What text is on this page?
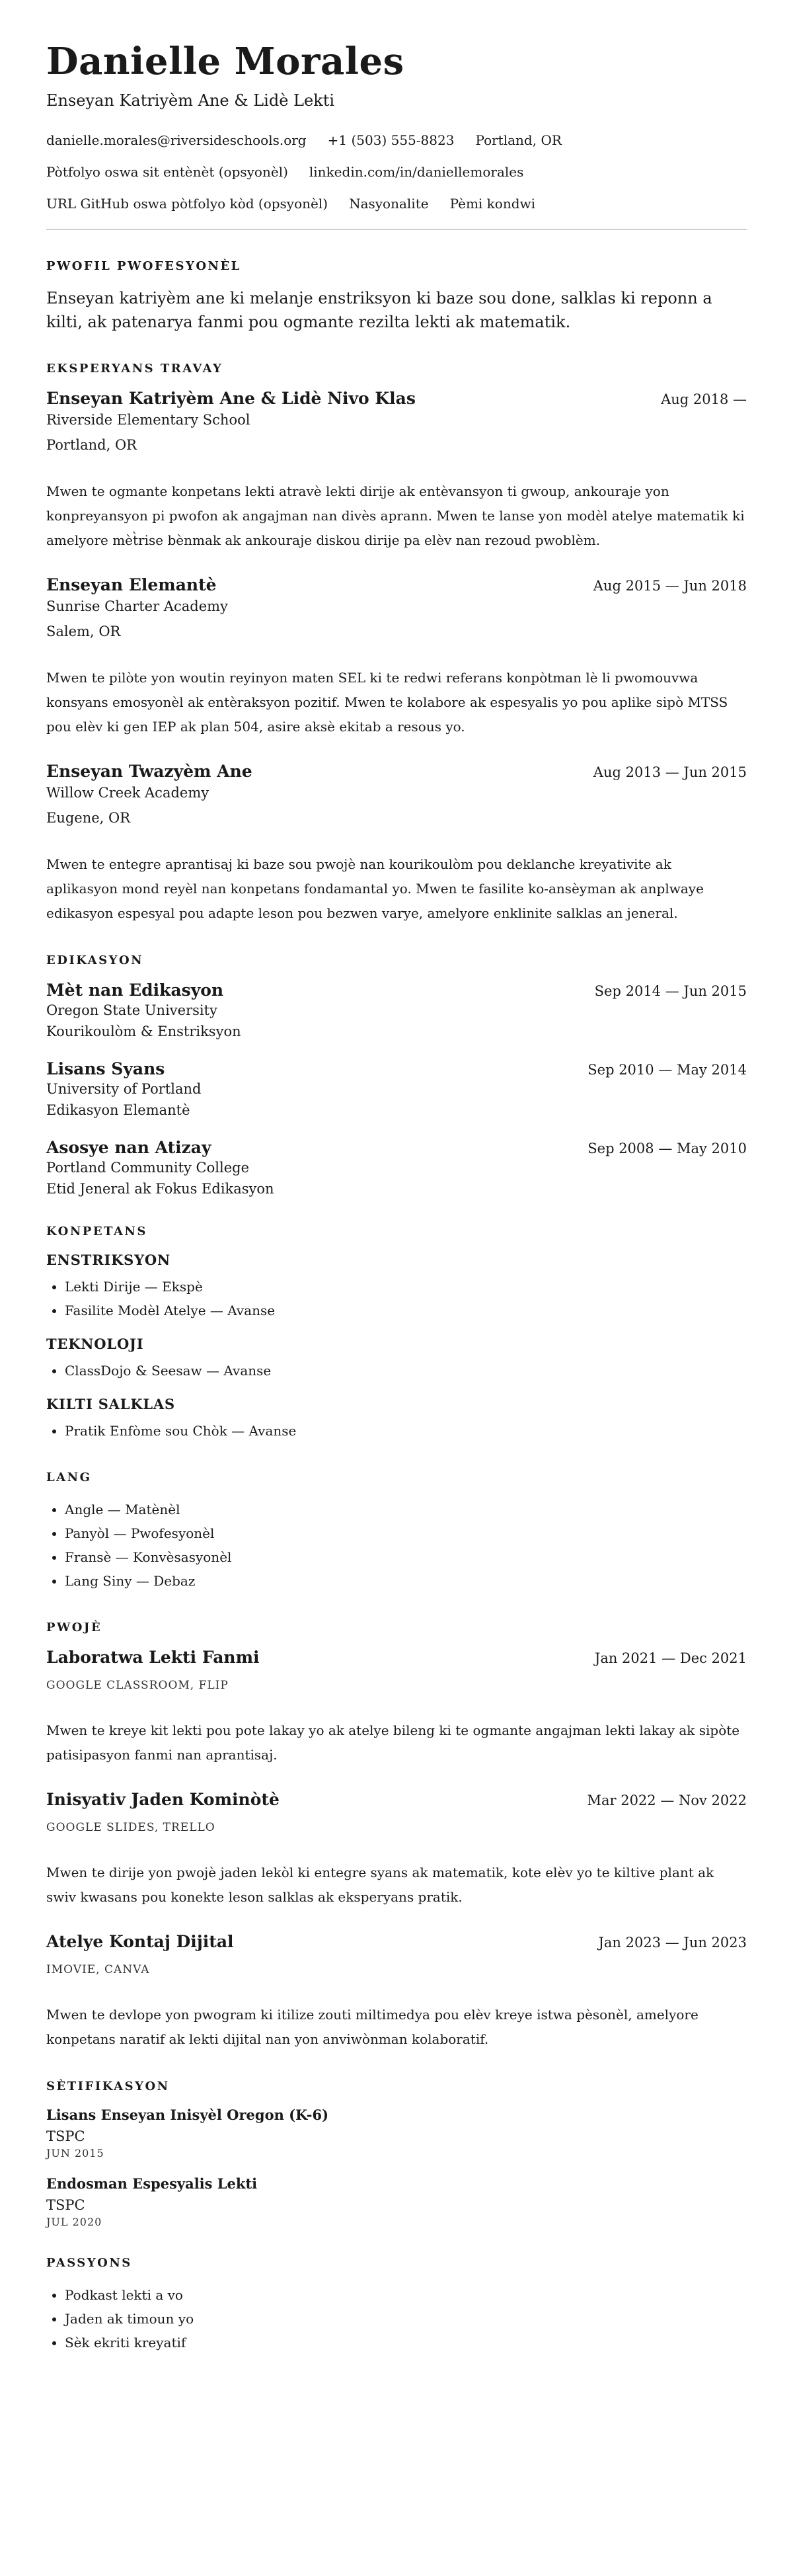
Danielle Morales
Enseyan Katriyèm Ane & Lidè Lekti
danielle.morales@riversideschools.org +1 (503) 555-8823 Portland, OR
Pòtfolyo oswa sit entènèt (opsyonèl) linkedin.com/in/daniellemorales
URL GitHub oswa pòtfolyo kòd (opsyonèl) Nasyonalite Pèmi kondwi
PWOFIL PWOFESYONÈL

Enseyan katriyèm ane ki melanje enstriksyon ki baze sou done, salklas ki reponn a kilti, ak patenarya fanmi pou ogmante rezilta lekti ak matematik.

EKSPERYANS TRAVAY
Enseyan Katriyèm Ane & Lidè Nivo Klas	Aug 2018 —
Riverside Elementary School
Portland, OR
Mwen te ogmante konpetans lekti atravè lekti dirije ak entèvansyon ti gwoup, ankouraje yon konpreyansyon pi pwofon ak angajman nan divès aprann. Mwen te lanse yon modèl atelye matematik ki amelyore mèt̀rise bènmak ak ankouraje diskou dirije pa elèv nan rezoud pwoblèm.
Enseyan Elemantè	Aug 2015 — Jun 2018
Sunrise Charter Academy
Salem, OR
Mwen te pilòte yon woutin reyinyon maten SEL ki te redwi referans konpòtman lè li pwomouvwa konsyans emosyonèl ak entèraksyon pozitif. Mwen te kolabore ak espesyalis yo pou aplike sipò MTSS pou elèv ki gen IEP ak plan 504, asire aksè ekitab a resous yo.
Enseyan Twazyèm Ane	Aug 2013 — Jun 2015
Willow Creek Academy
Eugene, OR
Mwen te entegre aprantisaj ki baze sou pwojè nan kourikoulòm pou deklanche kreyativite ak aplikasyon mond reyèl nan konpetans fondamantal yo. Mwen te fasilite ko-ansèyman ak anplwaye edikasyon espesyal pou adapte leson pou bezwen varye, amelyore enklinite salklas an jeneral.
EDIKASYON
Mèt nan Edikasyon	Sep 2014 — Jun 2015
Oregon State University
Kourikoulòm & Enstriksyon
Lisans Syans	Sep 2010 — May 2014
University of Portland
Edikasyon Elemantè
Asosye nan Atizay	Sep 2008 — May 2010
Portland Community College
Etid Jeneral ak Fokus Edikasyon
KONPETANS
ENSTRIKSYON
• Lekti Dirije — Ekspè
• Fasilite Modèl Atelye — Avanse
TEKNOLOJI
• ClassDojo & Seesaw — Avanse
KILTI SALKLAS
• Pratik Enfòme sou Chòk — Avanse
LANG
• Angle — Matènèl
• Panyòl — Pwofesyonèl
• Fransè — Konvèsasyonèl
• Lang Siny — Debaz
PWOJÈ
Laboratwa Lekti Fanmi	Jan 2021 — Dec 2021
GOOGLE CLASSROOM, FLIP
Mwen te kreye kit lekti pou pote lakay yo ak atelye bileng ki te ogmante angajman lekti lakay ak sipòte patisipasyon fanmi nan aprantisaj.
Inisyativ Jaden Kominòtè	Mar 2022 — Nov 2022
GOOGLE SLIDES, TRELLO
Mwen te dirije yon pwojè jaden lekòl ki entegre syans ak matematik, kote elèv yo te kiltive plant ak swiv kwasans pou konekte leson salklas ak eksperyans pratik.
Atelye Kontaj Dijital	Jan 2023 — Jun 2023
IMOVIE, CANVA
Mwen te devlope yon pwogram ki itilize zouti miltimedya pou elèv kreye istwa pèsonèl, amelyore konpetans naratif ak lekti dijital nan yon anviwònman kolaboratif.
SÈTIFIKASYON
Lisans Enseyan Inisyèl Oregon (K-6)
TSPC
JUN 2015
Endosman Espesyalis Lekti
TSPC
JUL 2020
PASSYONS
• Podkast lekti a vo
• Jaden ak timoun yo
• Sèk ekriti kreyatif
